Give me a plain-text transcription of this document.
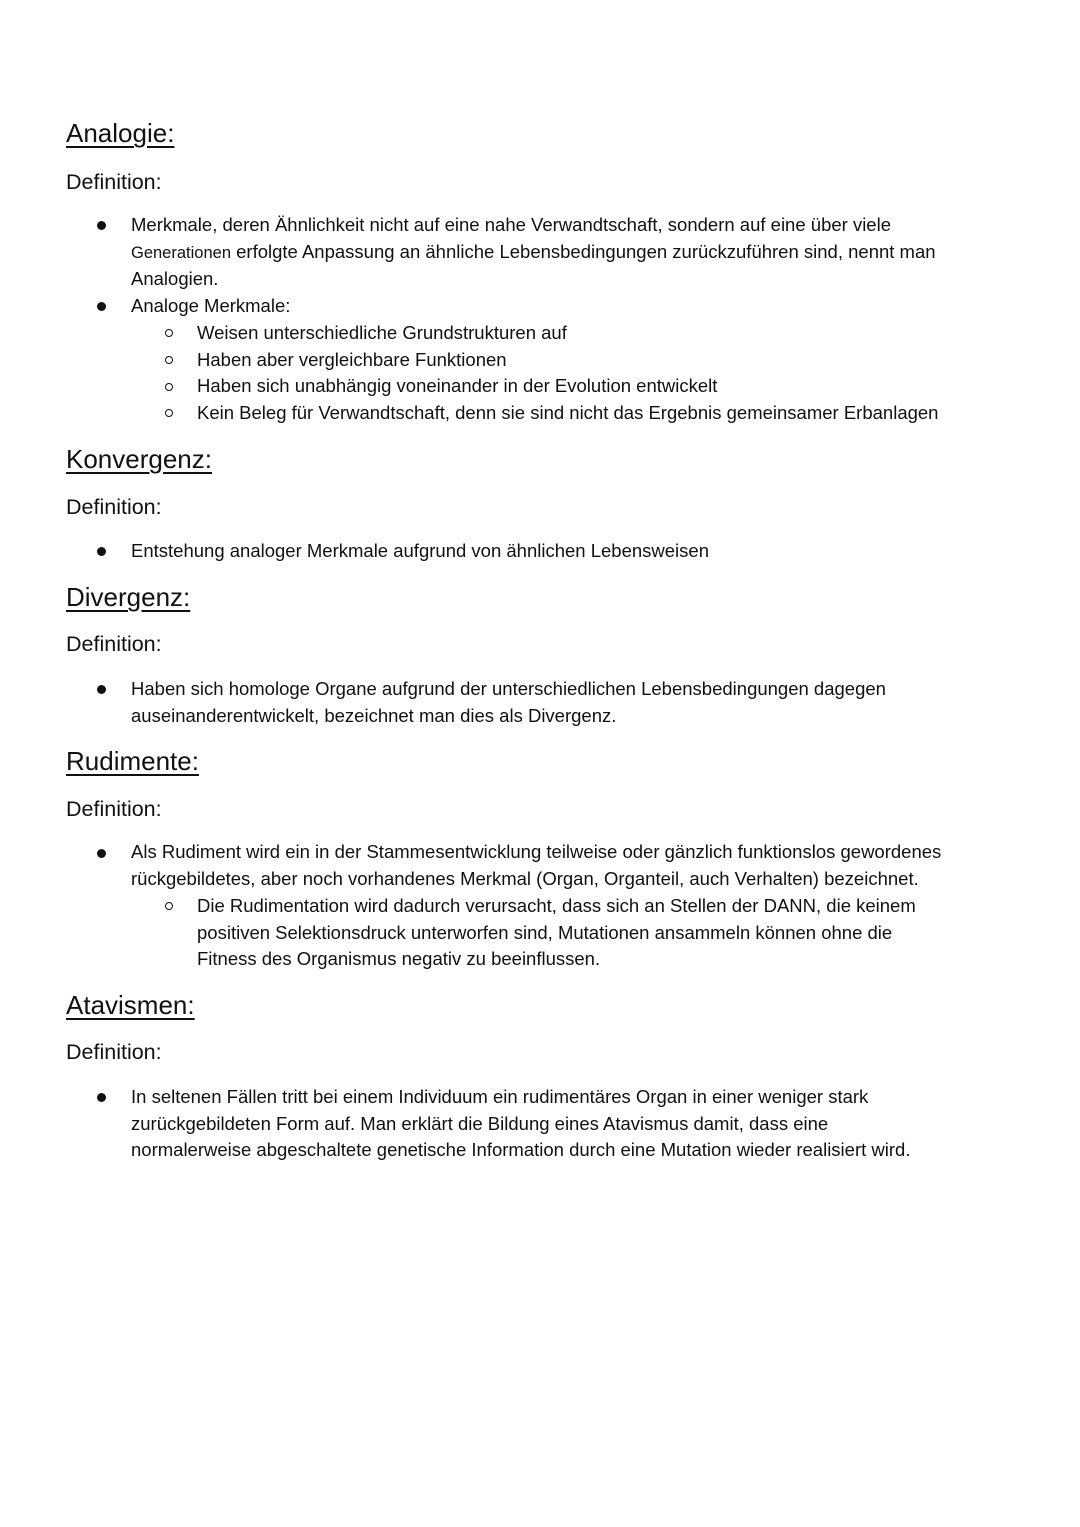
Analogie:
Definition:
Merkmale, deren Ähnlichkeit nicht auf eine nahe Verwandtschaft, sondern auf eine über viele
Generationen erfolgte Anpassung an ähnliche Lebensbedingungen zurückzuführen sind, nennt man
Analogien.
Analoge Merkmale:
Weisen unterschiedliche Grundstrukturen auf
Haben aber vergleichbare Funktionen
Haben sich unabhängig voneinander in der Evolution entwickelt
Kein Beleg für Verwandtschaft, denn sie sind nicht das Ergebnis gemeinsamer Erbanlagen
Konvergenz:
Definition:
Entstehung analoger Merkmale aufgrund von ähnlichen Lebensweisen
Divergenz:
Definition:
Haben sich homologe Organe aufgrund der unterschiedlichen Lebensbedingungen dagegen
auseinanderentwickelt, bezeichnet man dies als Divergenz.
Rudimente:
Definition:
Als Rudiment wird ein in der Stammesentwicklung teilweise oder gänzlich funktionslos gewordenes
rückgebildetes, aber noch vorhandenes Merkmal (Organ, Organteil, auch Verhalten) bezeichnet.
Die Rudimentation wird dadurch verursacht, dass sich an Stellen der DANN, die keinem
positiven Selektionsdruck unterworfen sind, Mutationen ansammeln können ohne die
Fitness des Organismus negativ zu beeinflussen.
Atavismen:
Definition:
In seltenen Fällen tritt bei einem Individuum ein rudimentäres Organ in einer weniger stark
zurückgebildeten Form auf. Man erklärt die Bildung eines Atavismus damit, dass eine
normalerweise abgeschaltete genetische Information durch eine Mutation wieder realisiert wird.
